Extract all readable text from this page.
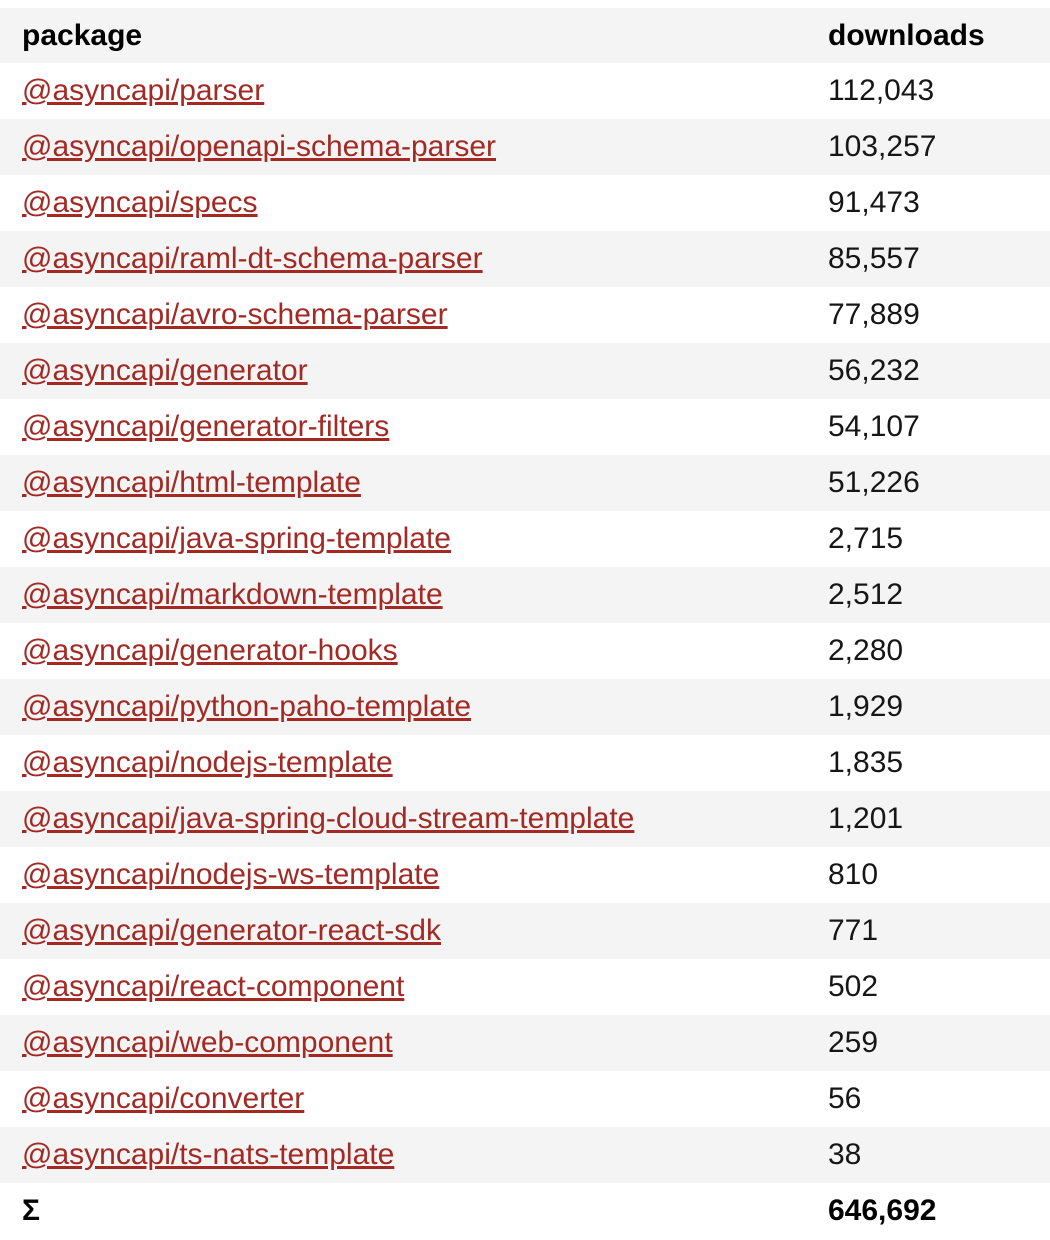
package	downloads
@asyncapi/parser	112,043
@asyncapi/openapi-schema-parser	103,257
@asyncapi/specs	91,473
@asyncapi/raml-dt-schema-parser	85,557
@asyncapi/avro-schema-parser	77,889
@asyncapi/generator	56,232
@asyncapi/generator-filters	54,107
@asyncapi/html-template	51,226
@asyncapi/java-spring-template	2,715
@asyncapi/markdown-template	2,512
@asyncapi/generator-hooks	2,280
@asyncapi/python-paho-template	1,929
@asyncapi/nodejs-template	1,835
@asyncapi/java-spring-cloud-stream-template	1,201
@asyncapi/nodejs-ws-template	810
@asyncapi/generator-react-sdk	771
@asyncapi/react-component	502
@asyncapi/web-component	259
@asyncapi/converter	56
@asyncapi/ts-nats-template	38
Σ	646,692
